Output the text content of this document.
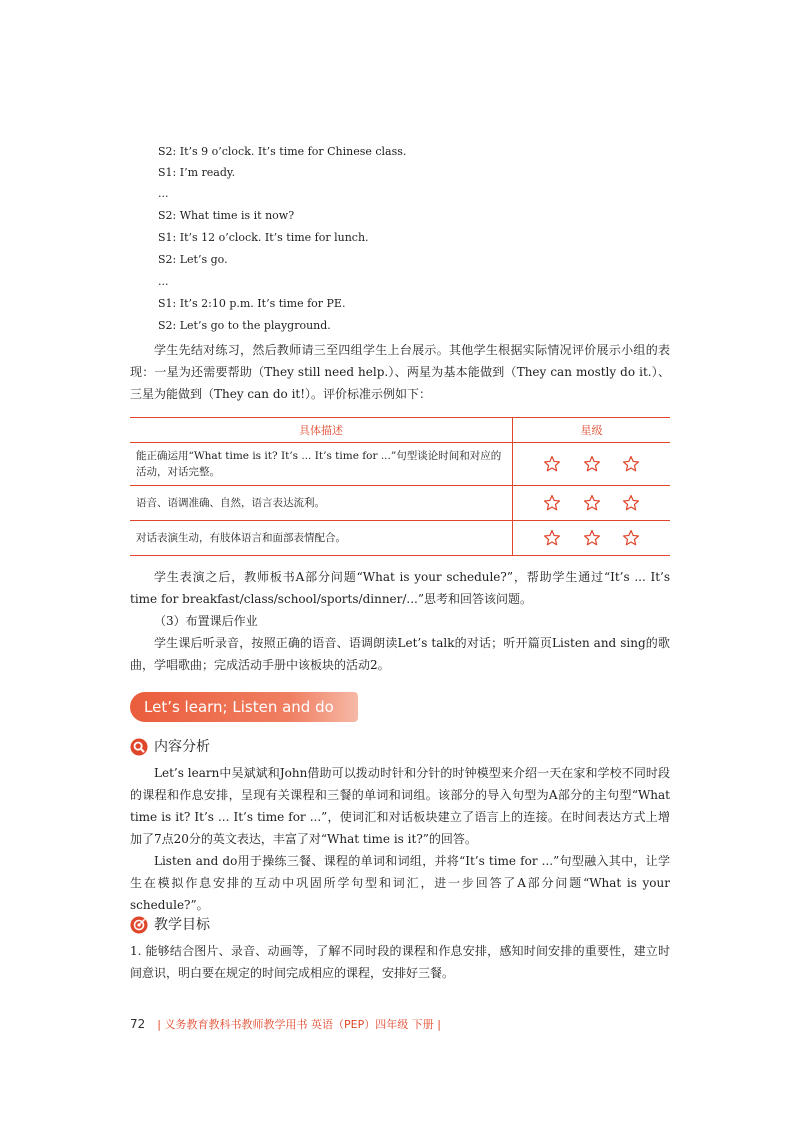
S2: It’s 9 o’clock. It’s time for Chinese class.
S1: I’m ready.
...
S2: What time is it now?
S1: It’s 12 o’clock. It’s time for lunch.
S2: Let’s go.
...
S1: It’s 2:10 p.m. It’s time for PE.
S2: Let’s go to the playground.
学生先结对练习，然后教师请三至四组学生上台展示。其他学生根据实际情况评价展示小组的表现：一星为还需要帮助（They still need help.）、两星为基本能做到（They can mostly do it.）、三星为能做到（They can do it!）。评价标准示例如下：
具体描述	星级
能正确运用“What time is it? It’s ... It’s time for ...”句型谈论时间和对应的活动，对话完整。	
语音、语调准确、自然，语言表达流利。	
对话表演生动，有肢体语言和面部表情配合。	
学生表演之后，教师板书A部分问题“What is your schedule?”，帮助学生通过“It’s ... It’s time for breakfast/class/school/sports/dinner/...”思考和回答该问题。
（3）布置课后作业
学生课后听录音，按照正确的语音、语调朗读Let’s talk的对话；听开篇页Listen and sing的歌曲，学唱歌曲；完成活动手册中该板块的活动2。
Let’s learn; Listen and do
内容分析
Let’s learn中吴斌斌和John借助可以拨动时针和分针的时钟模型来介绍一天在家和学校不同时段的课程和作息安排，呈现有关课程和三餐的单词和词组。该部分的导入句型为A部分的主句型“What time is it? It’s ... It’s time for ...”，使词汇和对话板块建立了语言上的连接。在时间表达方式上增加了7点20分的英文表达，丰富了对“What time is it?”的回答。
Listen and do用于操练三餐、课程的单词和词组，并将“It’s time for ...”句型融入其中，让学生在模拟作息安排的互动中巩固所学句型和词汇，进一步回答了A部分问题“What is your schedule?”。
教学目标
1. 能够结合图片、录音、动画等，了解不同时段的课程和作息安排，感知时间安排的重要性，建立时间意识，明白要在规定的时间完成相应的课程，安排好三餐。
72 | 义务教育教科书教师教学用书 英语（PEP）四年级 下册 |
